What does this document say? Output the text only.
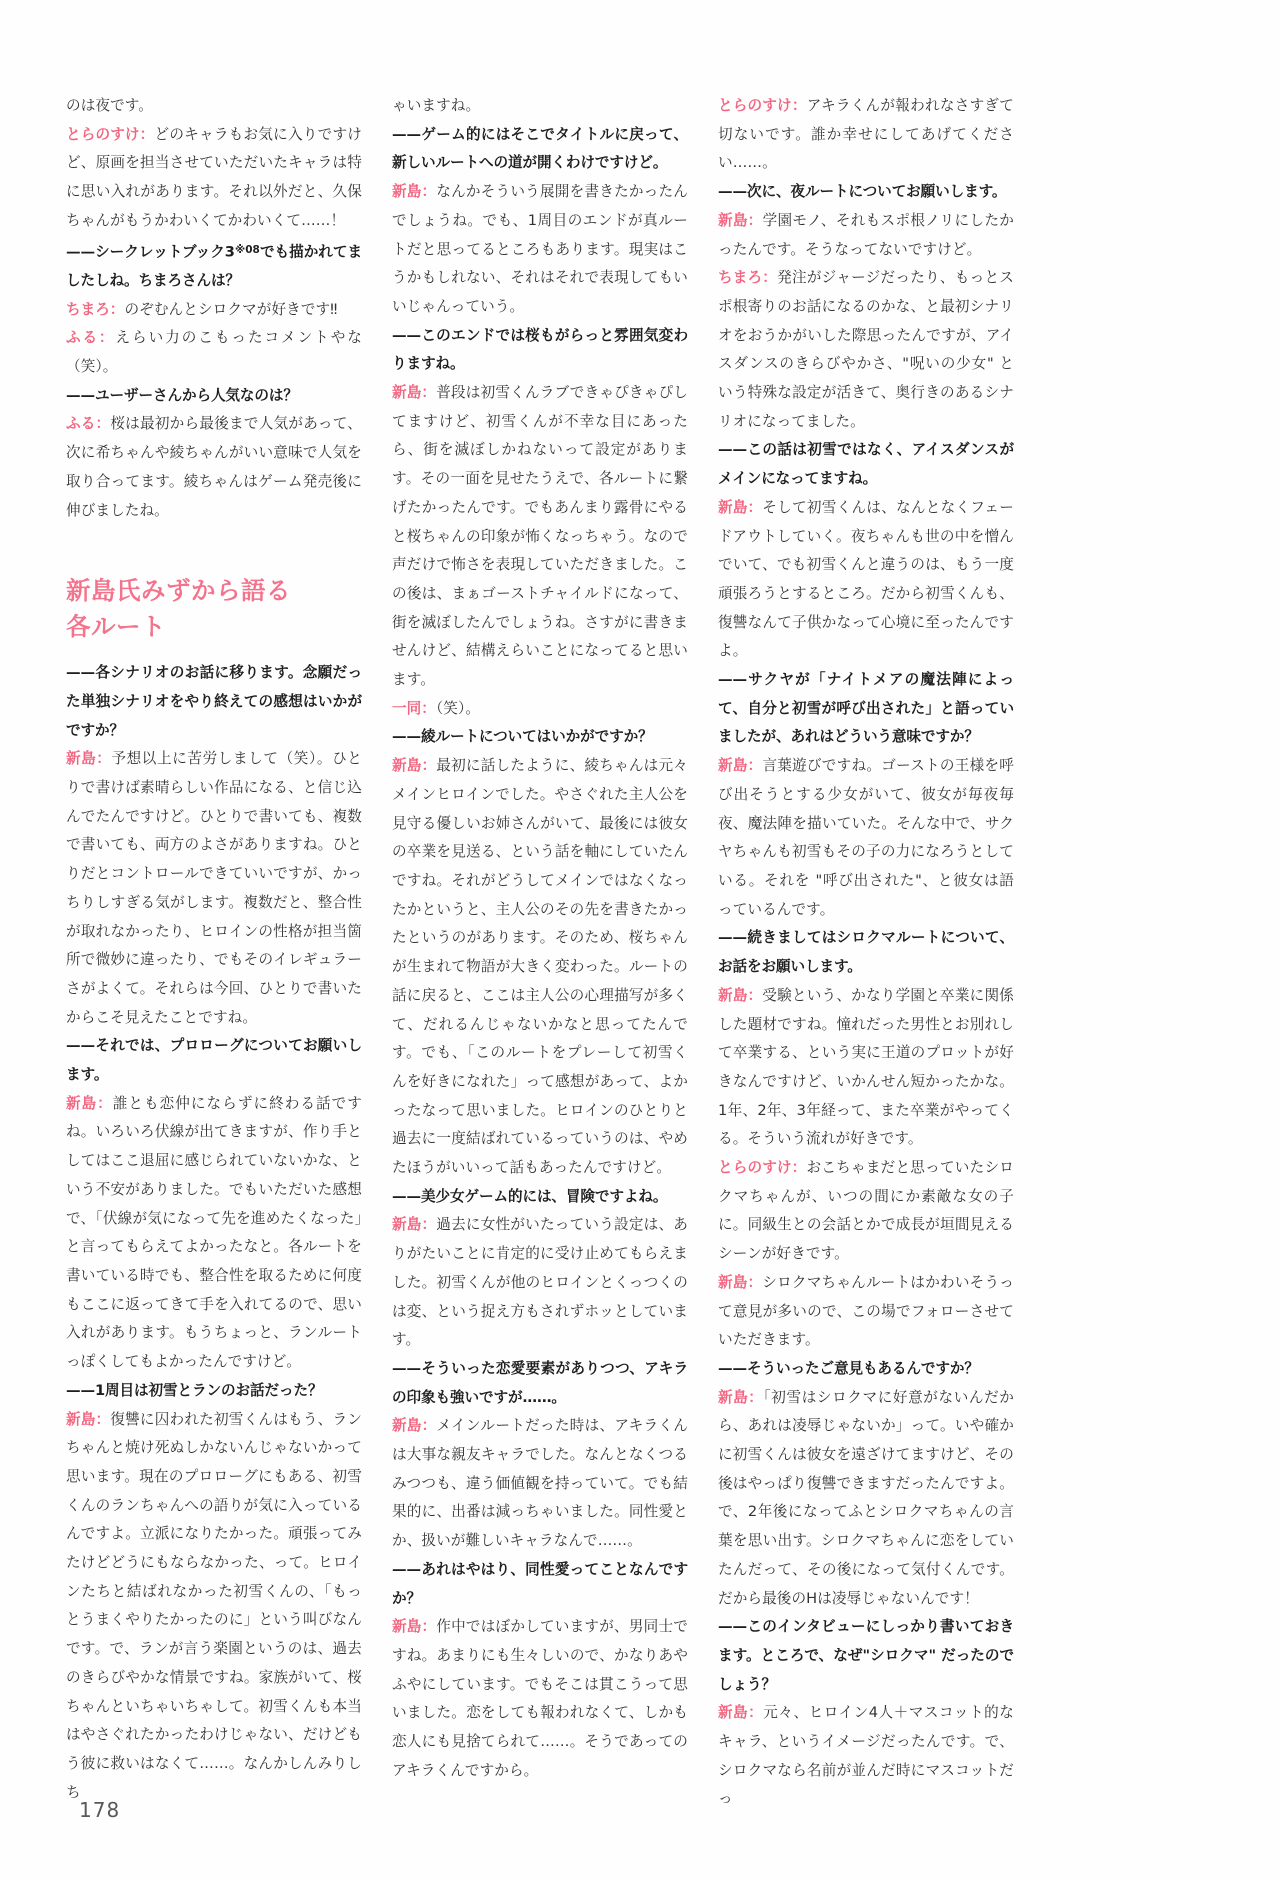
のは夜です。

とらのすけ：どのキャラもお気に入りですけど、原画を担当させていただいたキャラは特に思い入れがあります。それ以外だと、久保ちゃんがもうかわいくてかわいくて……！

——シークレットブック3$^{※08}$でも描かれてましたしね。ちまろさんは？

ちまろ：のぞむんとシロクマが好きです‼

ふる：えらい力のこもったコメントやな（笑）。

——ユーザーさんから人気なのは？

ふる：桜は最初から最後まで人気があって、次に希ちゃんや綾ちゃんがいい意味で人気を取り合ってます。綾ちゃんはゲーム発売後に伸びましたね。

新島氏みずから語る
各ルート

——各シナリオのお話に移ります。念願だった単独シナリオをやり終えての感想はいかがですか？

新島：予想以上に苦労しまして（笑）。ひとりで書けば素晴らしい作品になる、と信じ込んでたんですけど。ひとりで書いても、複数で書いても、両方のよさがありますね。ひとりだとコントロールできていいですが、かっちりしすぎる気がします。複数だと、整合性が取れなかったり、ヒロインの性格が担当箇所で微妙に違ったり、でもそのイレギュラーさがよくて。それらは今回、ひとりで書いたからこそ見えたことですね。

——それでは、プロローグについてお願いします。

新島：誰とも恋仲にならずに終わる話ですね。いろいろ伏線が出てきますが、作り手としてはここ退屈に感じられていないかな、という不安がありました。でもいただいた感想で、「伏線が気になって先を進めたくなった」と言ってもらえてよかったなと。各ルートを書いている時でも、整合性を取るために何度もここに返ってきて手を入れてるので、思い入れがあります。もうちょっと、ランルートっぽくしてもよかったんですけど。

——1周目は初雪とランのお話だった？

新島：復讐に囚われた初雪くんはもう、ランちゃんと焼け死ぬしかないんじゃないかって思います。現在のプロローグにもある、初雪くんのランちゃんへの語りが気に入っているんですよ。立派になりたかった。頑張ってみたけどどうにもならなかった、って。ヒロインたちと結ばれなかった初雪くんの、「もっとうまくやりたかったのに」という叫びなんです。で、ランが言う楽園というのは、過去のきらびやかな情景ですね。家族がいて、桜ちゃんといちゃいちゃして。初雪くんも本当はやさぐれたかったわけじゃない、だけどもう彼に救いはなくて……。なんかしんみりしち

ゃいますね。

——ゲーム的にはそこでタイトルに戻って、新しいルートへの道が開くわけですけど。

新島：なんかそういう展開を書きたかったんでしょうね。でも、1周目のエンドが真ルートだと思ってるところもあります。現実はこうかもしれない、それはそれで表現してもいいじゃんっていう。

——このエンドでは桜もがらっと雰囲気変わりますね。

新島：普段は初雪くんラブできゃぴきゃぴしてますけど、初雪くんが不幸な目にあったら、街を滅ぼしかねないって設定があります。その一面を見せたうえで、各ルートに繋げたかったんです。でもあんまり露骨にやると桜ちゃんの印象が怖くなっちゃう。なので声だけで怖さを表現していただきました。この後は、まぁゴーストチャイルドになって、街を滅ぼしたんでしょうね。さすがに書きませんけど、結構えらいことになってると思います。

一同：（笑）。

——綾ルートについてはいかがですか？

新島：最初に話したように、綾ちゃんは元々メインヒロインでした。やさぐれた主人公を見守る優しいお姉さんがいて、最後には彼女の卒業を見送る、という話を軸にしていたんですね。それがどうしてメインではなくなったかというと、主人公のその先を書きたかったというのがあります。そのため、桜ちゃんが生まれて物語が大きく変わった。ルートの話に戻ると、ここは主人公の心理描写が多くて、だれるんじゃないかなと思ってたんです。でも、「このルートをプレーして初雪くんを好きになれた」って感想があって、よかったなって思いました。ヒロインのひとりと過去に一度結ばれているっていうのは、やめたほうがいいって話もあったんですけど。

——美少女ゲーム的には、冒険ですよね。

新島：過去に女性がいたっていう設定は、ありがたいことに肯定的に受け止めてもらえました。初雪くんが他のヒロインとくっつくのは変、という捉え方もされずホッとしています。

——そういった恋愛要素がありつつ、アキラの印象も強いですが……。

新島：メインルートだった時は、アキラくんは大事な親友キャラでした。なんとなくつるみつつも、違う価値観を持っていて。でも結果的に、出番は減っちゃいました。同性愛とか、扱いが難しいキャラなんで……。

——あれはやはり、同性愛ってことなんですか？

新島：作中ではぼかしていますが、男同士ですね。あまりにも生々しいので、かなりあやふやにしています。でもそこは貫こうって思いました。恋をしても報われなくて、しかも恋人にも見捨てられて……。そうであってのアキラくんですから。

とらのすけ：アキラくんが報われなさすぎて切ないです。誰か幸せにしてあげてください……。

——次に、夜ルートについてお願いします。

新島：学園モノ、それもスポ根ノリにしたかったんです。そうなってないですけど。

ちまろ：発注がジャージだったり、もっとスポ根寄りのお話になるのかな、と最初シナリオをおうかがいした際思ったんですが、アイスダンスのきらびやかさ、"呪いの少女" という特殊な設定が活きて、奥行きのあるシナリオになってました。

——この話は初雪ではなく、アイスダンスがメインになってますね。

新島：そして初雪くんは、なんとなくフェードアウトしていく。夜ちゃんも世の中を憎んでいて、でも初雪くんと違うのは、もう一度頑張ろうとするところ。だから初雪くんも、復讐なんて子供かなって心境に至ったんですよ。

——サクヤが「ナイトメアの魔法陣によって、自分と初雪が呼び出された」と語っていましたが、あれはどういう意味ですか？

新島：言葉遊びですね。ゴーストの王様を呼び出そうとする少女がいて、彼女が毎夜毎夜、魔法陣を描いていた。そんな中で、サクヤちゃんも初雪もその子の力になろうとしている。それを "呼び出された"、と彼女は語っているんです。

——続きましてはシロクマルートについて、お話をお願いします。

新島：受験という、かなり学園と卒業に関係した題材ですね。憧れだった男性とお別れして卒業する、という実に王道のプロットが好きなんですけど、いかんせん短かったかな。1年、2年、3年経って、また卒業がやってくる。そういう流れが好きです。

とらのすけ：おこちゃまだと思っていたシロクマちゃんが、いつの間にか素敵な女の子に。同級生との会話とかで成長が垣間見えるシーンが好きです。

新島：シロクマちゃんルートはかわいそうって意見が多いので、この場でフォローさせていただきます。

——そういったご意見もあるんですか？

新島：「初雪はシロクマに好意がないんだから、あれは凌辱じゃないか」って。いや確かに初雪くんは彼女を遠ざけてますけど、その後はやっぱり復讐できますだったんですよ。で、2年後になってふとシロクマちゃんの言葉を思い出す。シロクマちゃんに恋をしていたんだって、その後になって気付くんです。だから最後のHは凌辱じゃないんです！

——このインタビューにしっかり書いておきます。ところで、なぜ"シロクマ" だったのでしょう？

新島：元々、ヒロイン4人＋マスコット的なキャラ、というイメージだったんです。で、シロクマなら名前が並んだ時にマスコットだっ

178
